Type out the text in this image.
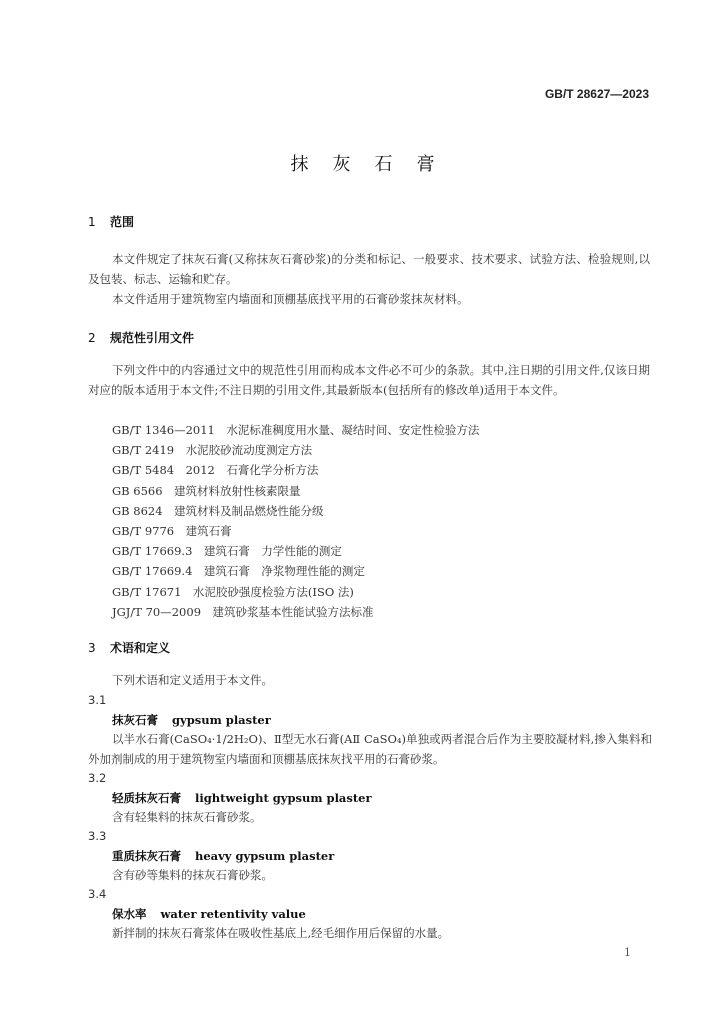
GB/T 28627—2023
抹灰石膏
1 范围
本文件规定了抹灰石膏(又称抹灰石膏砂浆)的分类和标记、一般要求、技术要求、试验方法、检验规则,以及包装、标志、运输和贮存。
本文件适用于建筑物室内墙面和顶棚基底找平用的石膏砂浆抹灰材料。
2 规范性引用文件
下列文件中的内容通过文中的规范性引用而构成本文件必不可少的条款。其中,注日期的引用文件,仅该日期对应的版本适用于本文件;不注日期的引用文件,其最新版本(包括所有的修改单)适用于本文件。
GB/T 1346—2011　水泥标准稠度用水量、凝结时间、安定性检验方法
GB/T 2419　水泥胶砂流动度测定方法
GB/T 5484　2012　石膏化学分析方法
GB 6566　建筑材料放射性核素限量
GB 8624　建筑材料及制品燃烧性能分级
GB/T 9776　建筑石膏
GB/T 17669.3　建筑石膏　力学性能的测定
GB/T 17669.4　建筑石膏　净浆物理性能的测定
GB/T 17671　水泥胶砂强度检验方法(ISO 法)
JGJ/T 70—2009　建筑砂浆基本性能试验方法标准
3 术语和定义
下列术语和定义适用于本文件。
3.1
抹灰石膏 gypsum plaster
以半水石膏(CaSO₄·1/2H₂O)、Ⅱ型无水石膏(AⅡ CaSO₄)单独或两者混合后作为主要胶凝材料,掺入集料和外加剂制成的用于建筑物室内墙面和顶棚基底抹灰找平用的石膏砂浆。
3.2
轻质抹灰石膏 lightweight gypsum plaster
含有轻集料的抹灰石膏砂浆。
3.3
重质抹灰石膏 heavy gypsum plaster
含有砂等集料的抹灰石膏砂浆。
3.4
保水率 water retentivity value
新拌制的抹灰石膏浆体在吸收性基底上,经毛细作用后保留的水量。
1
